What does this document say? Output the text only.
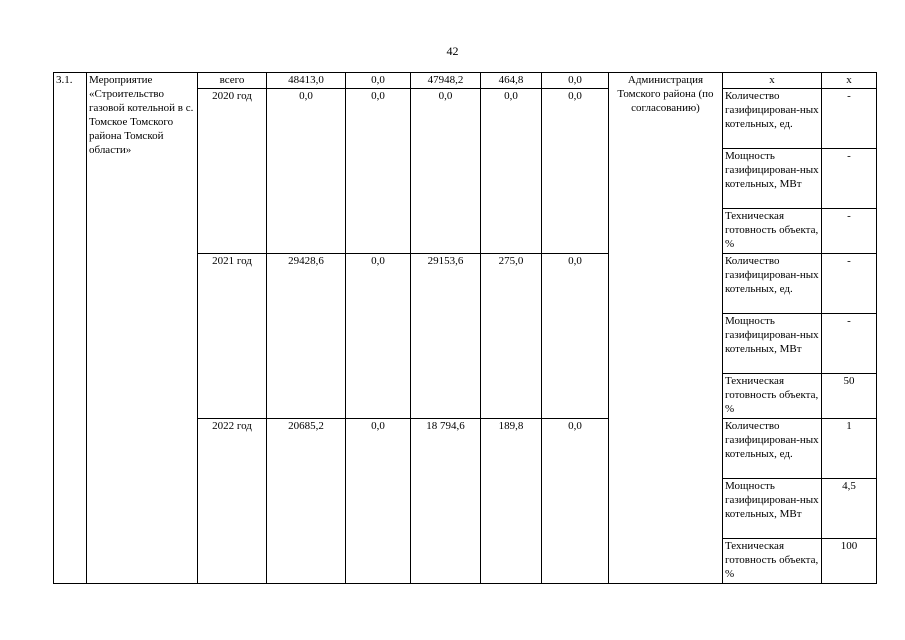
42
3.1.	Мероприятие «Строительство газовой котельной в с. Томское Томского района Томской области»	всего	48413,0	0,0	47948,2	464,8	0,0	Администрация Томского района (по согласованию)	х	х
		2020 год	0,0	0,0	0,0	0,0	0,0		Количество газифицирован-ных котельных, ед.	-
									Мощность газифицирован-ных котельных, МВт	-
									Техническая готовность объекта, %	-
		2021 год	29428,6	0,0	29153,6	275,0	0,0		Количество газифицирован-ных котельных, ед.	-
									Мощность газифицирован-ных котельных, МВт	-
									Техническая готовность объекта, %	50
		2022 год	20685,2	0,0	18 794,6	189,8	0,0		Количество газифицирован-ных котельных, ед.	1
									Мощность газифицирован-ных котельных, МВт	4,5
									Техническая готовность объекта, %	100
